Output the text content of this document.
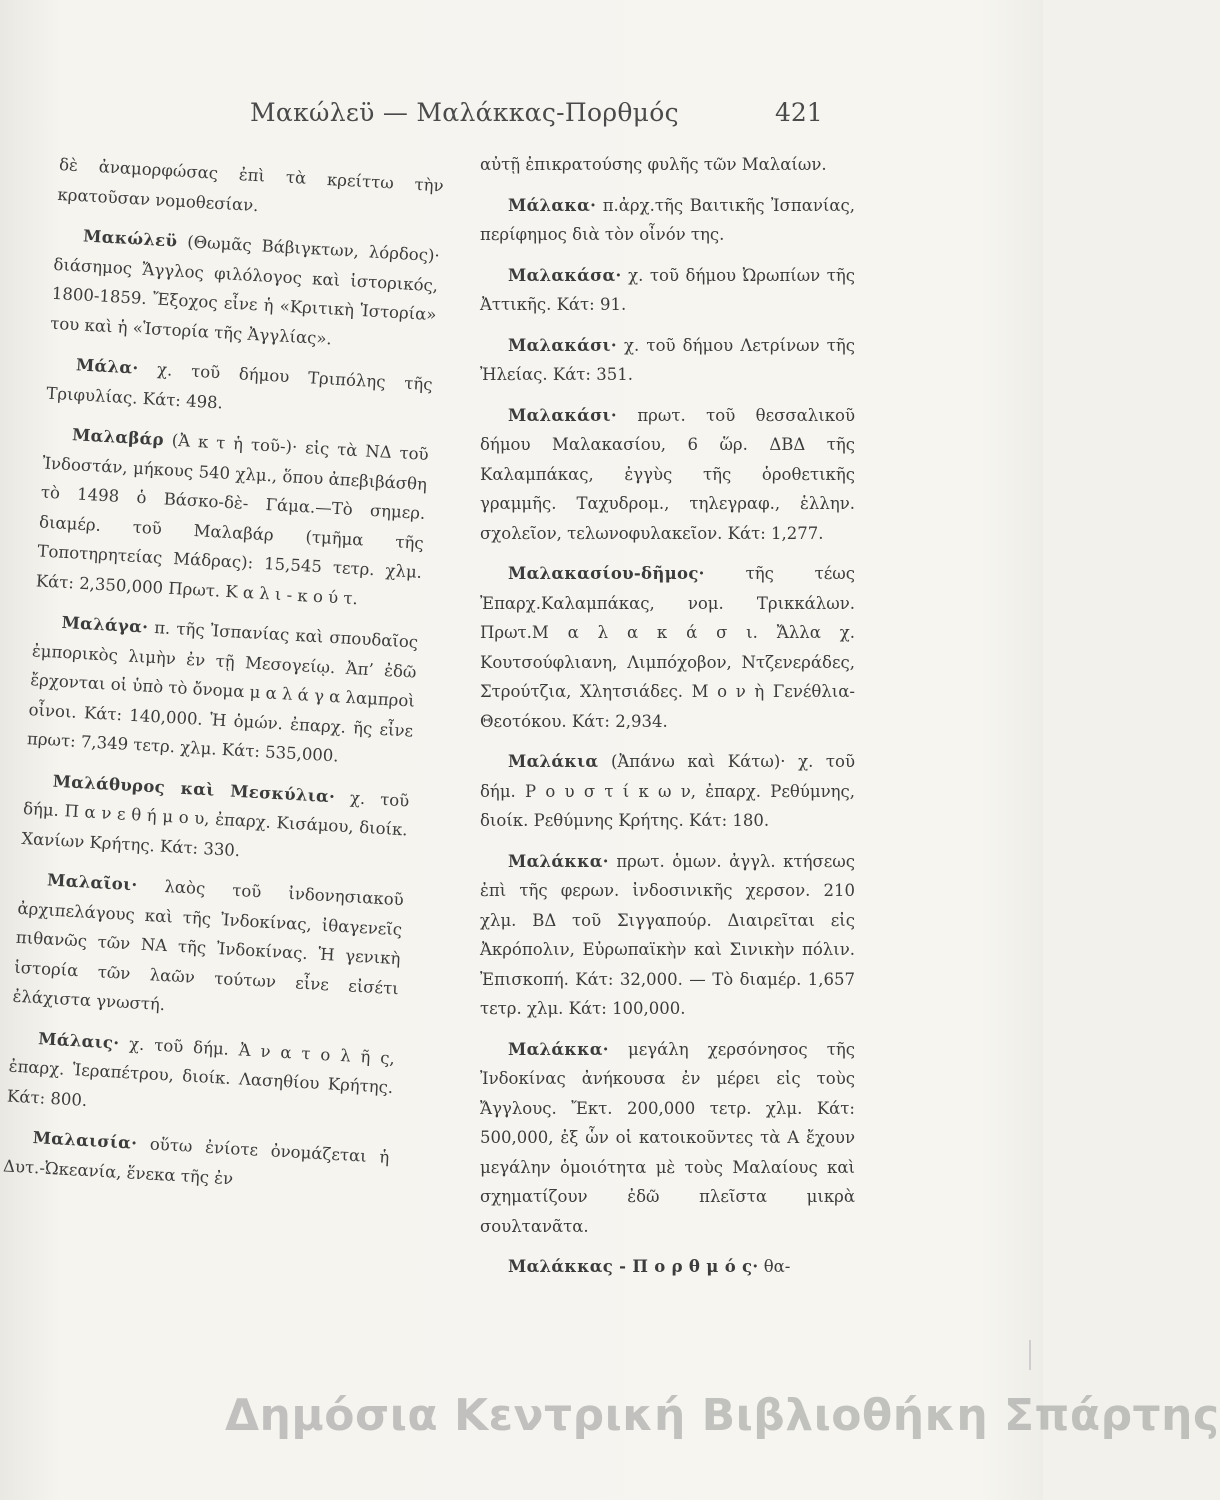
Μακώλεϋ — Μαλάκκας-Πορθμός	421

δὲ ἀναμορφώσας ἐπὶ τὰ κρείττω τὴν κρατοῦσαν νομοθεσίαν.

Μακώλεϋ (Θωμᾶς Βάβιγκτων, λόρδος)· διάσημος Ἄγγλος φιλόλογος καὶ ἱστορικός, 1800-1859. Ἔξοχος εἶνε ἡ «Κριτικὴ Ἱστορία» του καὶ ἡ «Ἱστορία τῆς Ἀγγλίας».

Μάλα· χ. τοῦ δήμου Τριπόλης τῆς Τριφυλίας. Κάτ: 498.

Μαλαβάρ (Ἀ κ τ ἡ τοῦ-)· εἰς τὰ ΝΔ τοῦ Ἰνδοστάν, μήκους 540 χλμ., ὅπου ἀπεβιβάσθη τὸ 1498 ὁ Βάσκο-δὲ- Γάμα.—Τὸ σημερ. διαμέρ. τοῦ Μαλαβάρ (τμῆμα τῆς Τοποτηρητείας Μάδρας): 15,545 τετρ. χλμ. Κάτ: 2,350,000 Πρωτ. Κ α λ ι - κ ο ύ τ.

Μαλάγα· π. τῆς Ἰσπανίας καὶ σπουδαῖος ἐμπορικὸς λιμὴν ἐν τῇ Μεσογείῳ. Ἀπ’ ἐδῶ ἔρχονται οἱ ὑπὸ τὸ ὄνομα μ α λ ά γ α λαμπροὶ οἶνοι. Κάτ: 140,000. Ἡ ὁμών. ἐπαρχ. ῆς εἶνε πρωτ: 7,349 τετρ. χλμ. Κάτ: 535,000.

Μαλάθυρος καὶ Μεσκύλια· χ. τοῦ δήμ. Π α ν ε θ ή μ ο υ, ἐπαρχ. Κισάμου, διοίκ. Χανίων Κρήτης. Κάτ: 330.

Μαλαῖοι· λαὸς τοῦ ἰνδονησιακοῦ ἀρχιπελάγους καὶ τῆς Ἰνδοκίνας, ἰθαγενεῖς πιθανῶς τῶν ΝΑ τῆς Ἰνδοκίνας. Ἡ γενικὴ ἱστορία τῶν λαῶν τούτων εἶνε εἰσέτι ἐλάχιστα γνωστή.

Μάλαις· χ. τοῦ δήμ. Ἀ ν α τ ο λ ῆ ς, ἐπαρχ. Ἱεραπέτρου, διοίκ. Λασηθίου Κρήτης. Κάτ: 800.

Μαλαισία· οὕτω ἐνίοτε ὀνομάζεται ἡ Δυτ.-Ὠκεανία, ἕνεκα τῆς ἐν

αὐτῇ ἐπικρατούσης φυλῆς τῶν Μαλαίων.

Μάλακα· π.ἀρχ.τῆς Βαιτικῆς Ἰσπανίας, περίφημος διὰ τὸν οἶνόν της.

Μαλακάσα· χ. τοῦ δήμου Ὠρωπίων τῆς Ἀττικῆς. Κάτ: 91.

Μαλακάσι· χ. τοῦ δήμου Λετρίνων τῆς Ἠλείας. Κάτ: 351.

Μαλακάσι· πρωτ. τοῦ θεσσαλικοῦ δήμου Μαλακασίου, 6 ὥρ. ΔΒΔ τῆς Καλαμπάκας, ἐγγὺς τῆς ὁροθετικῆς γραμμῆς. Ταχυδρομ., τηλεγραφ., ἑλλην. σχολεῖον, τελωνοφυλακεῖον. Κάτ: 1,277.

Μαλακασίου-δῆμος· τῆς τέως Ἐπαρχ.Καλαμπάκας, νομ. Τρικκάλων. Πρωτ.Μ α λ α κ ά σ ι. Ἄλλα χ. Κουτσούφλιανη, Λιμπόχοβον, Ντζενεράδες, Στρούτζια, Χλητσιάδες. Μ ο ν ὴ Γενέθλια-Θεοτόκου. Κάτ: 2,934.

Μαλάκια (Ἀπάνω καὶ Κάτω)· χ. τοῦ δήμ. Ρ ο υ σ τ ί κ ω ν, ἐπαρχ. Ρεθύμνης, διοίκ. Ρεθύμνης Κρήτης. Κάτ: 180.

Μαλάκκα· πρωτ. ὁμων. ἀγγλ. κτήσεως ἐπὶ τῆς φερων. ἰνδοσινικῆς χερσον. 210 χλμ. ΒΔ τοῦ Σιγγαπούρ. Διαιρεῖται εἰς Ἀκρόπολιν, Εὐρωπαϊκὴν καὶ Σινικὴν πόλιν. Ἐπισκοπή. Κάτ: 32,000. — Τὸ διαμέρ. 1,657 τετρ. χλμ. Κάτ: 100,000.

Μαλάκκα· μεγάλη χερσόνησος τῆς Ἰνδοκίνας ἀνήκουσα ἐν μέρει εἰς τοὺς Ἄγγλους. Ἔκτ. 200,000 τετρ. χλμ. Κάτ: 500,000, ἐξ ὧν οἱ κατοικοῦντες τὰ Α ἔχουν μεγάλην ὁμοιότητα μὲ τοὺς Μαλαίους καὶ σχηματίζουν ἐδῶ πλεῖστα μικρὰ σουλτανᾶτα.

Μαλάκκας - Π ο ρ θ μ ό ς· θα-

Δημόσια Κεντρική Βιβλιοθήκη Σπάρτης
